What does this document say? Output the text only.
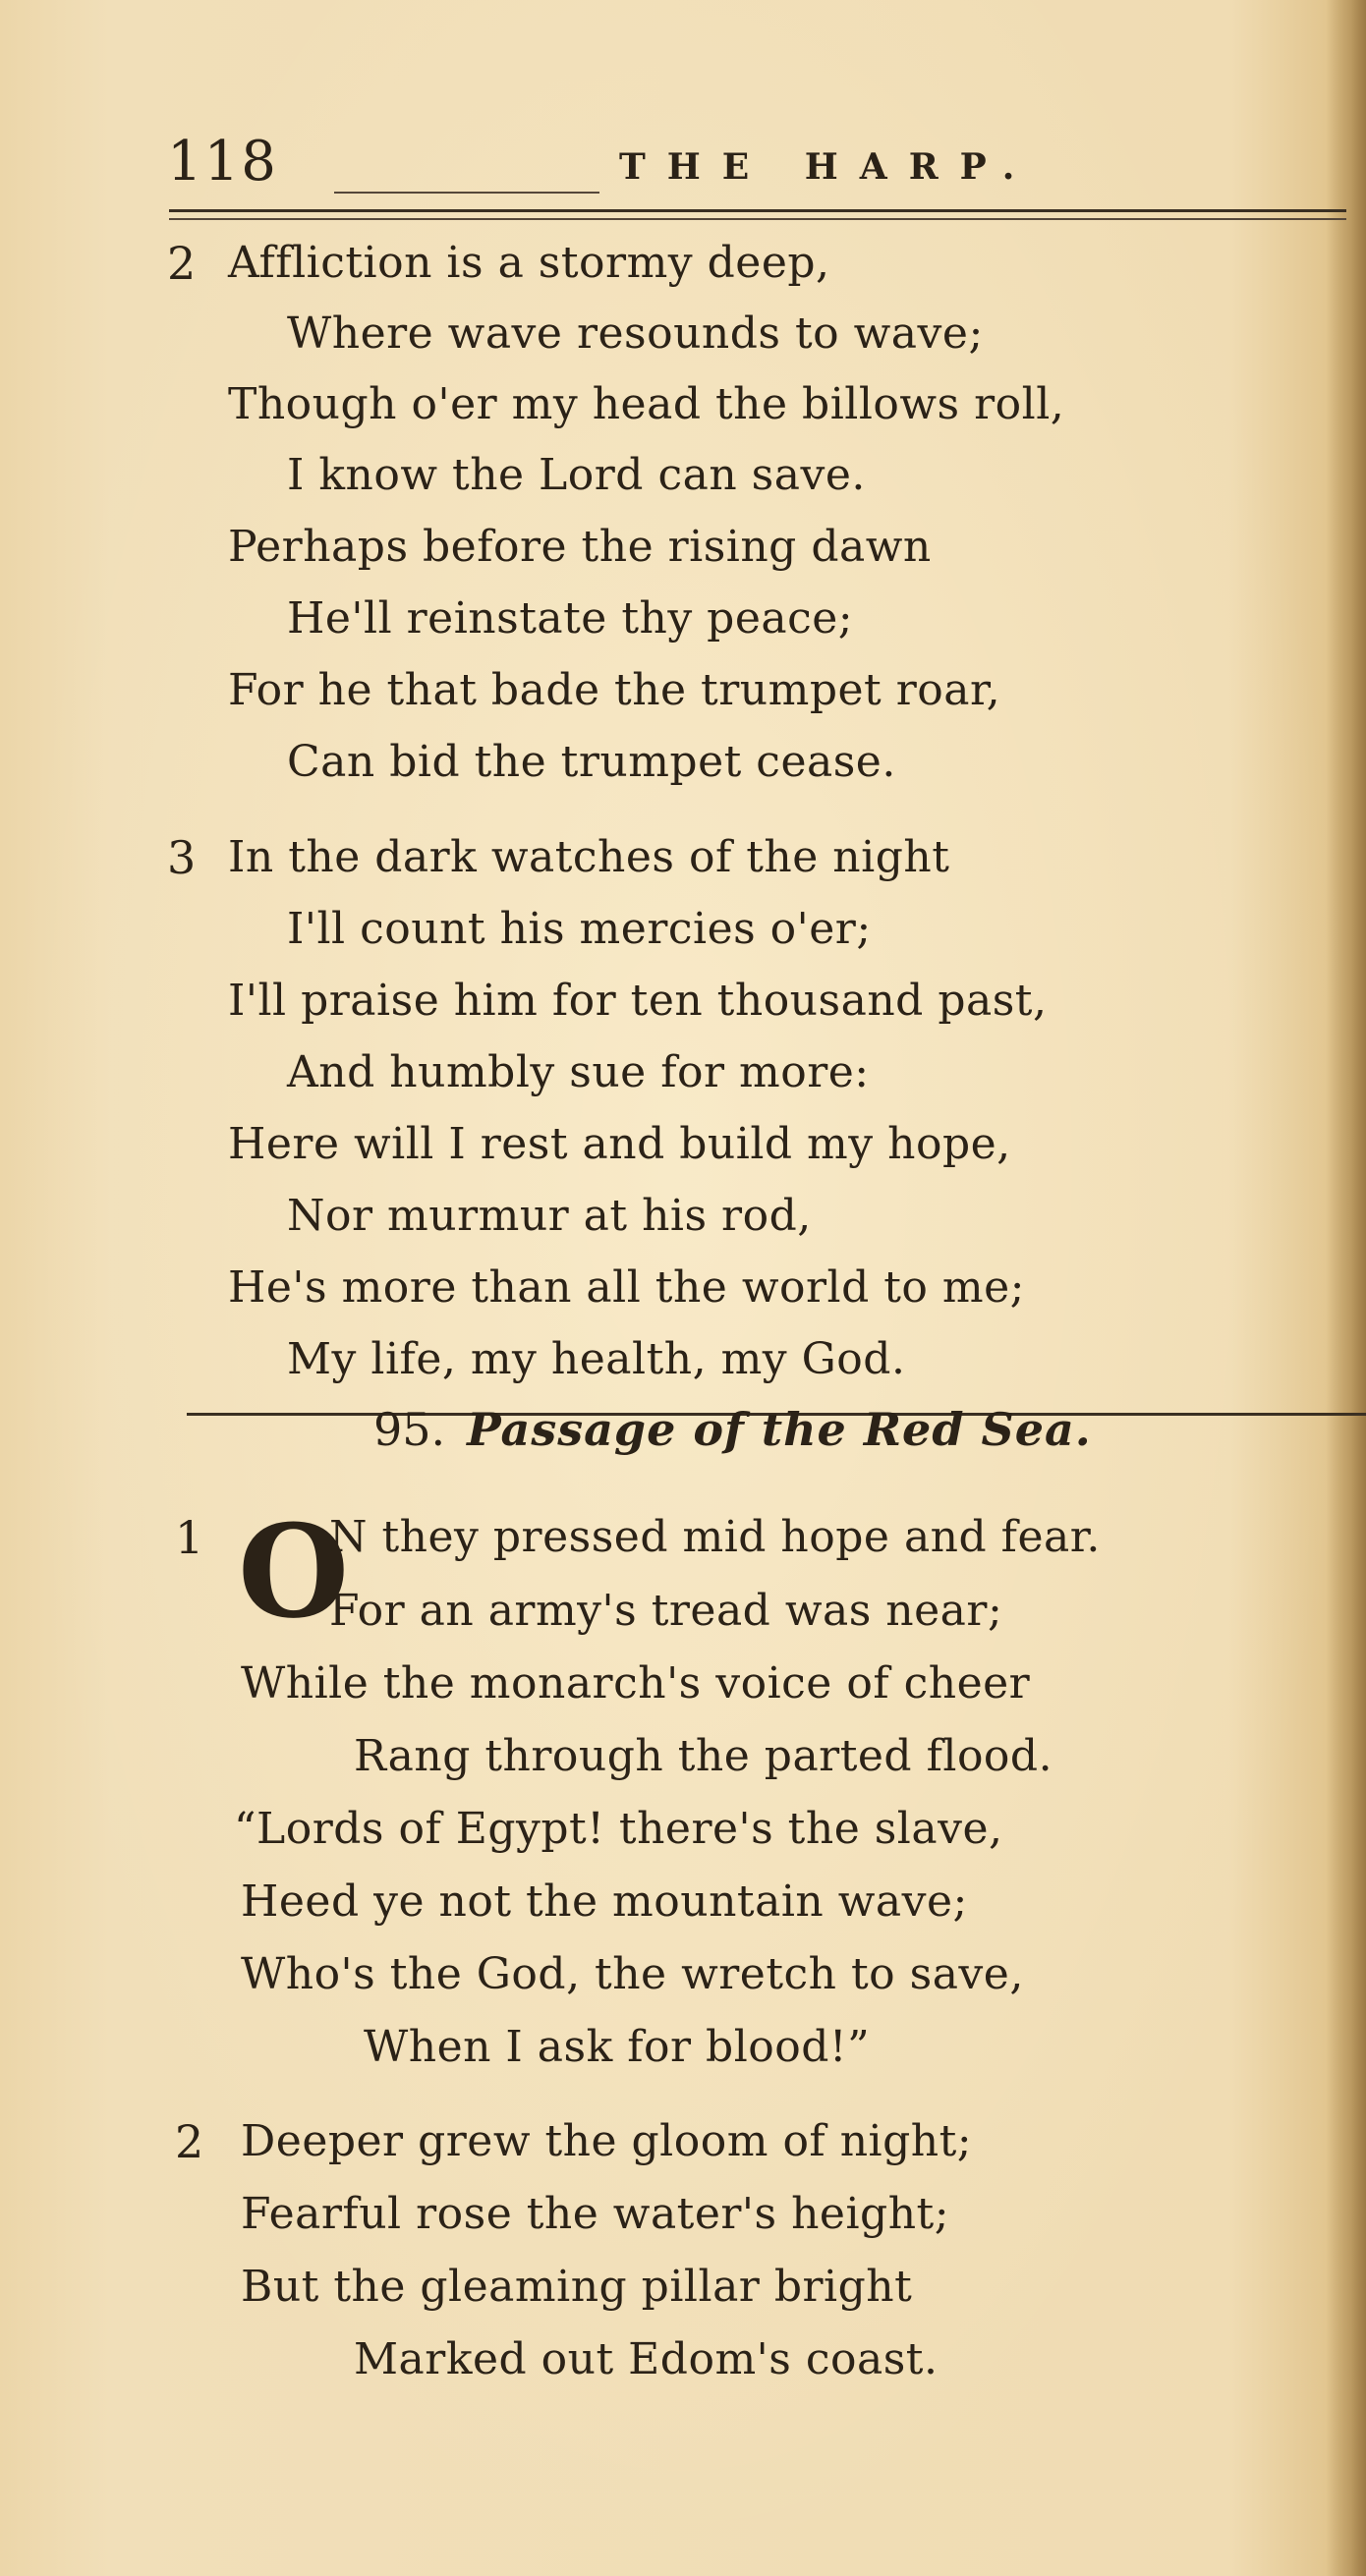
118	THE HARP.
2 Affliction is a stormy deep,
Where wave resounds to wave;
Though o'er my head the billows roll,
I know the Lord can save.
Perhaps before the rising dawn
He'll reinstate thy peace;
For he that bade the trumpet roar,
Can bid the trumpet cease.
3 In the dark watches of the night
I'll count his mercies o'er;
I'll praise him for ten thousand past,
And humbly sue for more:
Here will I rest and build my hope,
Nor murmur at his rod,
He's more than all the world to me;
My life, my health, my God.
95. Passage of the Red Sea.
1 O
N they pressed mid hope and fear.
For an army's tread was near;
While the monarch's voice of cheer
Rang through the parted flood.
“Lords of Egypt! there's the slave,
Heed ye not the mountain wave;
Who's the God, the wretch to save,
When I ask for blood!”
2 Deeper grew the gloom of night;
Fearful rose the water's height;
But the gleaming pillar bright
Marked out Edom's coast.
